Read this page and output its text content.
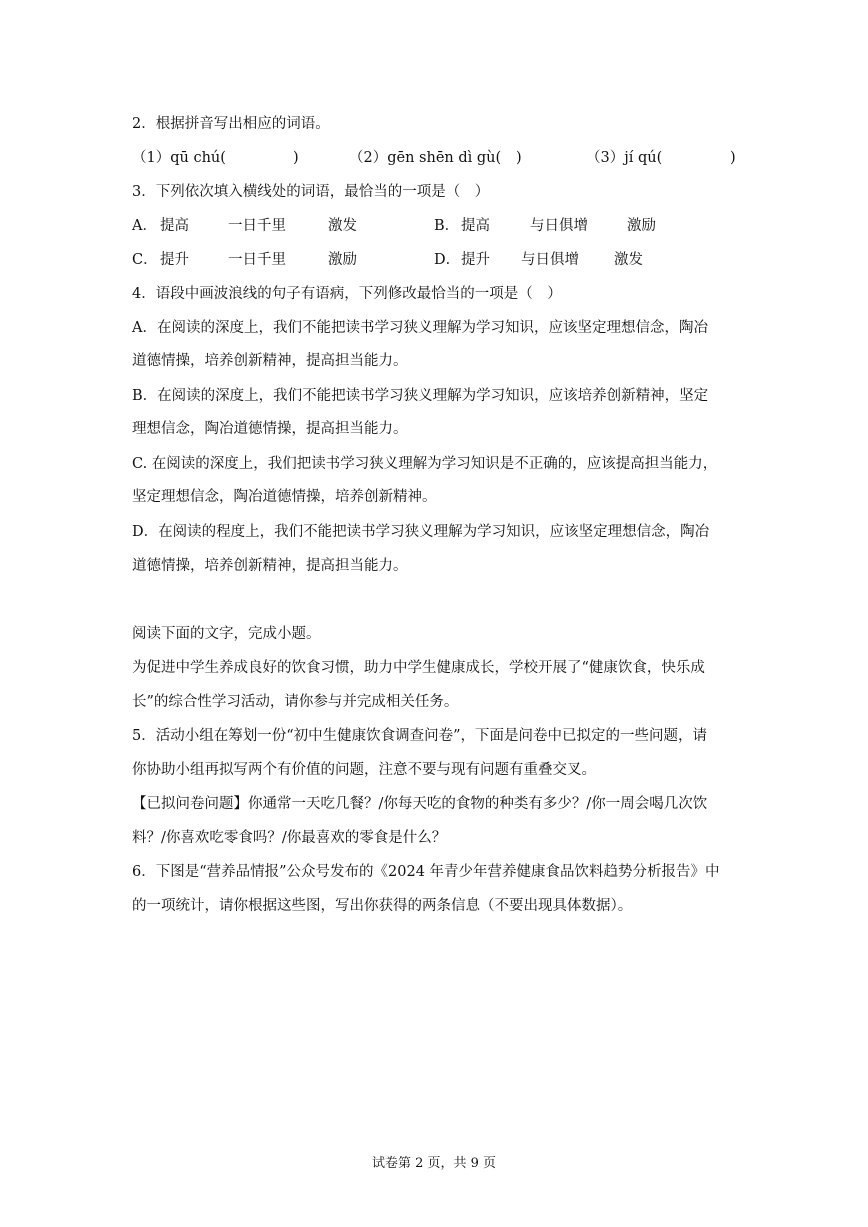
2．根据拼音写出相应的词语。
（1）qū chú(	)	（2）gēn shēn dì gù( )	（3）jí qú(	)
3．下列依次填入横线处的词语，最恰当的一项是（　）
A． 提高	一日千里	激发	B． 提高	与日俱增	激励
C． 提升	一日千里	激励	D． 提升 与日俱增 激发
4．语段中画波浪线的句子有语病，下列修改最恰当的一项是（　）
A．在阅读的深度上，我们不能把读书学习狭义理解为学习知识，应该坚定理想信念，陶冶
道德情操，培养创新精神，提高担当能力。
B．在阅读的深度上，我们不能把读书学习狭义理解为学习知识，应该培养创新精神，坚定
理想信念，陶冶道德情操，提高担当能力。
C. 在阅读的深度上，我们把读书学习狭义理解为学习知识是不正确的，应该提高担当能力，
坚定理想信念，陶冶道德情操，培养创新精神。
D．在阅读的程度上，我们不能把读书学习狭义理解为学习知识，应该坚定理想信念，陶冶
道德情操，培养创新精神，提高担当能力。
阅读下面的文字，完成小题。
为促进中学生养成良好的饮食习惯，助力中学生健康成长，学校开展了“健康饮食，快乐成
长”的综合性学习活动，请你参与并完成相关任务。
5．活动小组在筹划一份“初中生健康饮食调查问卷”，下面是问卷中已拟定的一些问题，请
你协助小组再拟写两个有价值的问题，注意不要与现有问题有重叠交叉。
【已拟问卷问题】你通常一天吃几餐？/你每天吃的食物的种类有多少？/你一周会喝几次饮
料？/你喜欢吃零食吗？/你最喜欢的零食是什么？
6．下图是“营养品情报”公众号发布的《2024 年青少年营养健康食品饮料趋势分析报告》中
的一项统计，请你根据这些图，写出你获得的两条信息（不要出现具体数据）。
试卷第 2 页，共 9 页
